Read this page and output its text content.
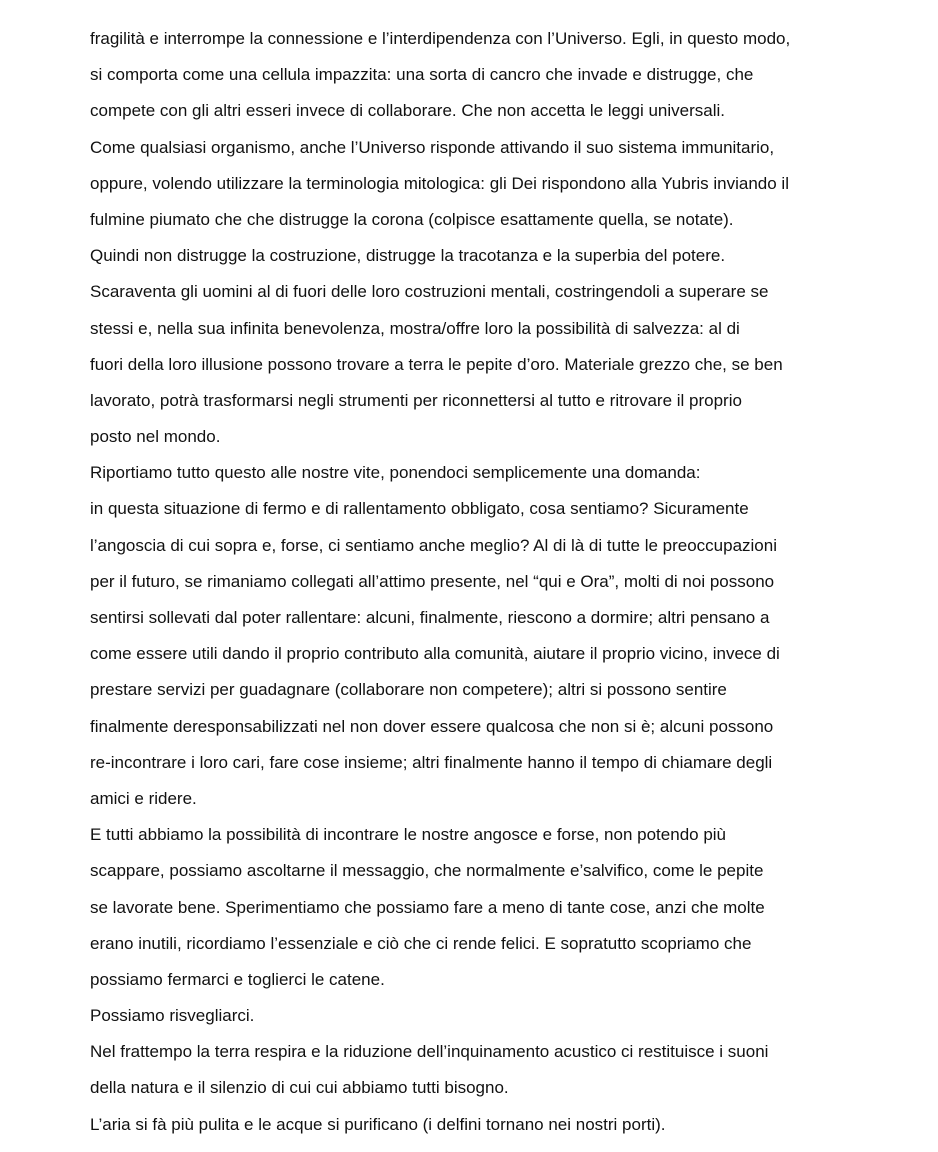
fragilità e interrompe la connessione e l’interdipendenza con l’Universo. Egli, in questo modo,
si comporta come una cellula impazzita: una sorta di cancro che invade e distrugge, che
compete con gli altri esseri invece di collaborare. Che non accetta le leggi universali.
Come qualsiasi organismo, anche l’Universo risponde attivando il suo sistema immunitario,
oppure, volendo utilizzare la terminologia mitologica: gli Dei rispondono alla Yubris inviando il
fulmine piumato che che distrugge la corona (colpisce esattamente quella, se notate).
Quindi non distrugge la costruzione, distrugge la tracotanza e la superbia del potere.
Scaraventa gli uomini al di fuori delle loro costruzioni mentali, costringendoli a superare se
stessi e, nella sua infinita benevolenza, mostra/offre loro la possibilità di salvezza: al di
fuori della loro illusione possono trovare a terra le pepite d’oro. Materiale grezzo che, se ben
lavorato, potrà trasformarsi negli strumenti per riconnettersi al tutto e ritrovare il proprio
posto nel mondo.
Riportiamo tutto questo alle nostre vite, ponendoci semplicemente una domanda:
in questa situazione di fermo e di rallentamento obbligato, cosa sentiamo? Sicuramente
l’angoscia di cui sopra e, forse, ci sentiamo anche meglio? Al di là di tutte le preoccupazioni
per il futuro, se rimaniamo collegati all’attimo presente, nel “qui e Ora”, molti di noi possono
sentirsi sollevati dal poter rallentare: alcuni, finalmente, riescono a dormire; altri pensano a
come essere utili dando il proprio contributo alla comunità, aiutare il proprio vicino, invece di
prestare servizi per guadagnare (collaborare non competere); altri si possono sentire
finalmente deresponsabilizzati nel non dover essere qualcosa che non si è; alcuni possono
re-incontrare i loro cari, fare cose insieme; altri finalmente hanno il tempo di chiamare degli
amici e ridere.
E tutti abbiamo la possibilità di incontrare le nostre angosce e forse, non potendo più
scappare, possiamo ascoltarne il messaggio, che normalmente e’salvifico, come le pepite
se lavorate bene. Sperimentiamo che possiamo fare a meno di tante cose, anzi che molte
erano inutili, ricordiamo l’essenziale e ciò che ci rende felici. E sopratutto scopriamo che
possiamo fermarci e toglierci le catene.
Possiamo risvegliarci.
Nel frattempo la terra respira e la riduzione dell’inquinamento acustico ci restituisce i suoni
della natura e il silenzio di cui cui abbiamo tutti bisogno.
L’aria si fà più pulita e le acque si purificano (i delfini tornano nei nostri porti).
